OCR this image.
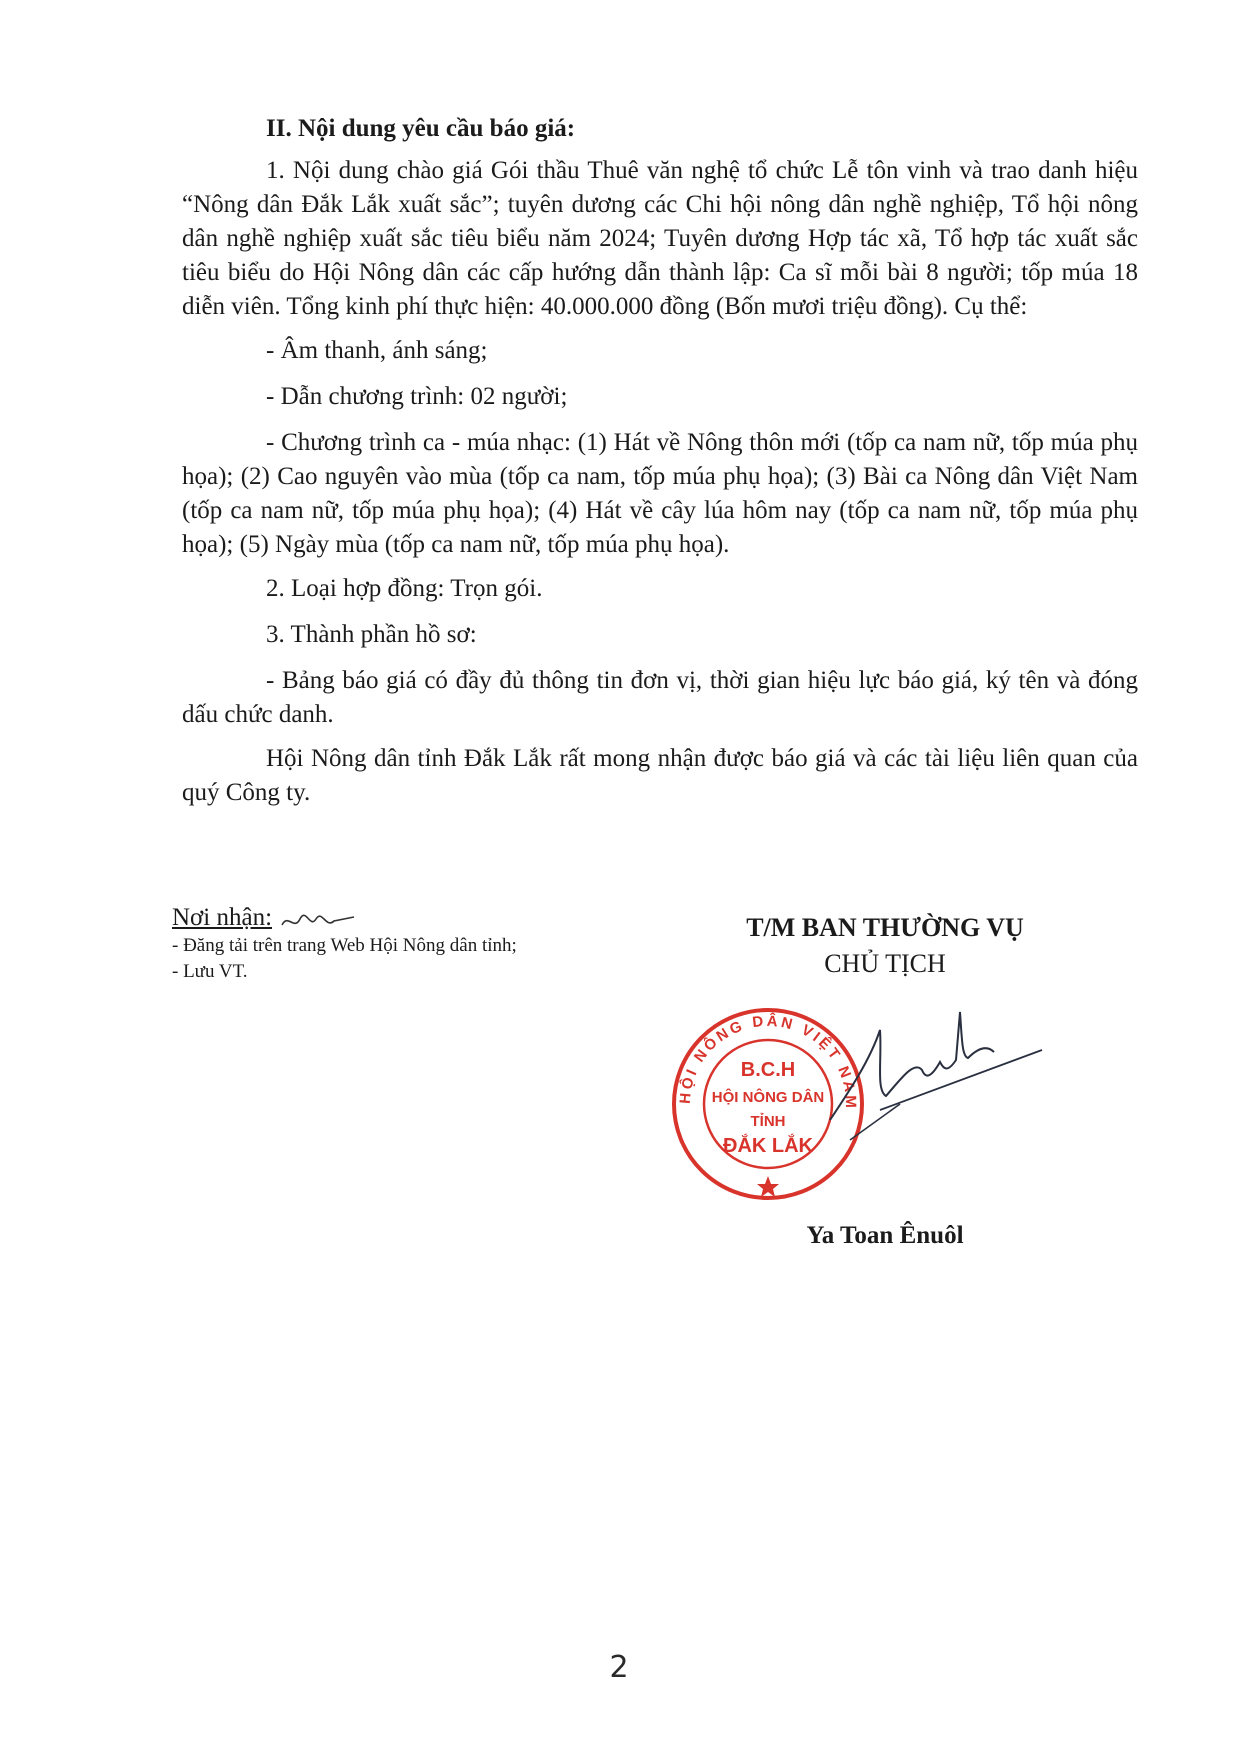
II. Nội dung yêu cầu báo giá:

1. Nội dung chào giá Gói thầu Thuê văn nghệ tổ chức Lễ tôn vinh và trao danh hiệu “Nông dân Đắk Lắk xuất sắc”; tuyên dương các Chi hội nông dân nghề nghiệp, Tổ hội nông dân nghề nghiệp xuất sắc tiêu biểu năm 2024; Tuyên dương Hợp tác xã, Tổ hợp tác xuất sắc tiêu biểu do Hội Nông dân các cấp hướng dẫn thành lập: Ca sĩ mỗi bài 8 người; tốp múa 18 diễn viên. Tổng kinh phí thực hiện: 40.000.000 đồng (Bốn mươi triệu đồng). Cụ thể:

- Âm thanh, ánh sáng;
- Dẫn chương trình: 02 người;

- Chương trình ca - múa nhạc: (1) Hát về Nông thôn mới (tốp ca nam nữ, tốp múa phụ họa); (2) Cao nguyên vào mùa (tốp ca nam, tốp múa phụ họa); (3) Bài ca Nông dân Việt Nam (tốp ca nam nữ, tốp múa phụ họa); (4) Hát về cây lúa hôm nay (tốp ca nam nữ, tốp múa phụ họa); (5) Ngày mùa (tốp ca nam nữ, tốp múa phụ họa).

2. Loại hợp đồng: Trọn gói.
3. Thành phần hồ sơ:

- Bảng báo giá có đầy đủ thông tin đơn vị, thời gian hiệu lực báo giá, ký tên và đóng dấu chức danh.

Hội Nông dân tỉnh Đắk Lắk rất mong nhận được báo giá và các tài liệu liên quan của quý Công ty.

Nơi nhận:
- Đăng tải trên trang Web Hội Nông dân tỉnh;
- Lưu VT.
T/M BAN THƯỜNG VỤ
CHỦ TỊCH
HỘI NÔNG DÂN VIỆT NAM
B.C.H
HỘI NÔNG DÂN
TỈNH
ĐẮK LẮK
Ya Toan Ênuôl
2
